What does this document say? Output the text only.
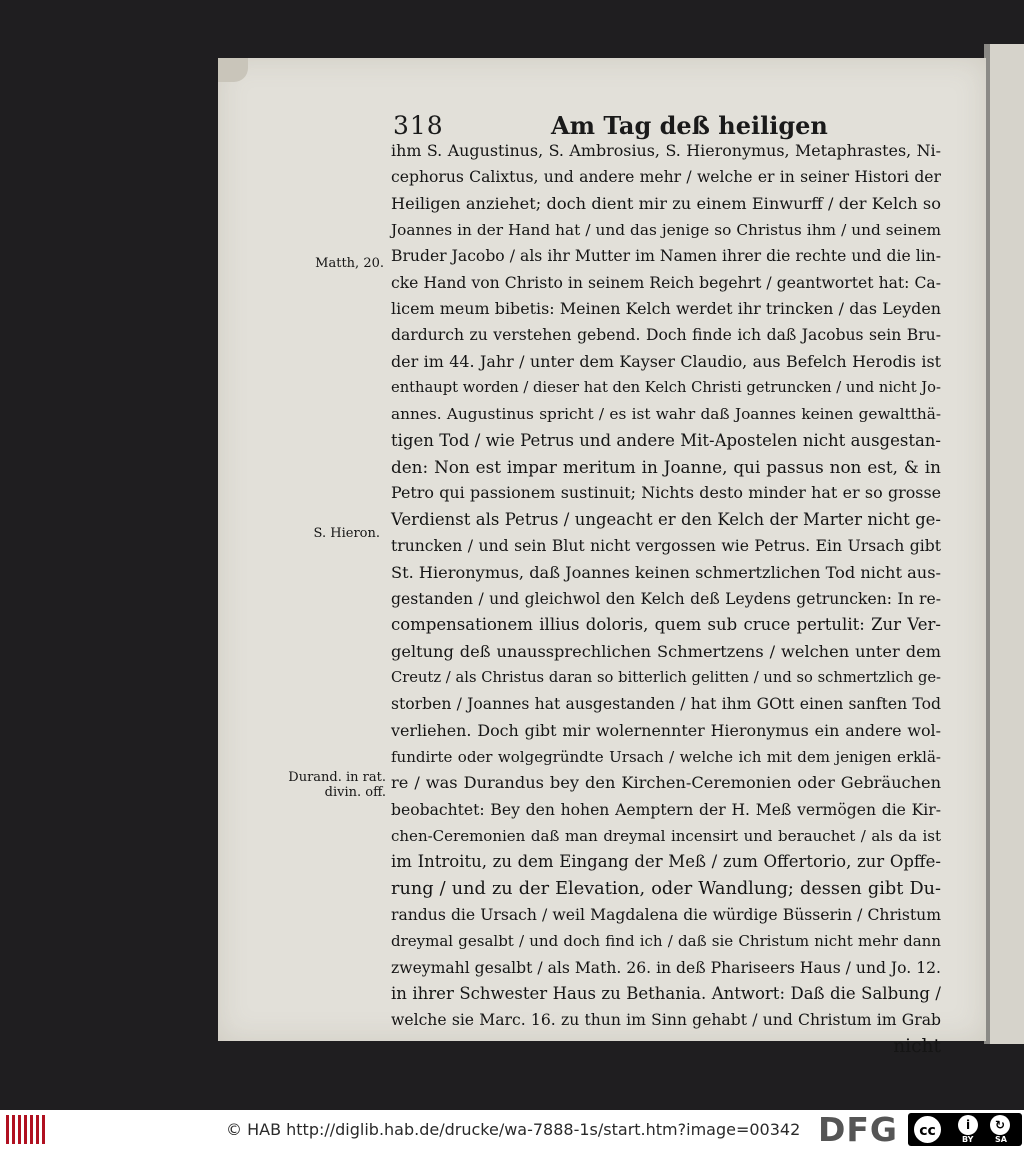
318	Am Tag deß heiligen
ihm S. Augustinus, S. Ambrosius, S. Hieronymus, Metaphrastes, Ni-
cephorus Calixtus, und andere mehr / welche er in seiner Histori der
Heiligen anziehet; doch dient mir zu einem Einwurff / der Kelch so
Joannes in der Hand hat / und das jenige so Christus ihm / und seinem
Bruder Jacobo / als ihr Mutter im Namen ihrer die rechte und die lin-
cke Hand von Christo in seinem Reich begehrt / geantwortet hat: Ca-
licem meum bibetis: Meinen Kelch werdet ihr trincken / das Leyden
dardurch zu verstehen gebend. Doch finde ich daß Jacobus sein Bru-
der im 44. Jahr / unter dem Kayser Claudio, aus Befelch Herodis ist
enthaupt worden / dieser hat den Kelch Christi getruncken / und nicht Jo-
annes. Augustinus spricht / es ist wahr daß Joannes keinen gewaltthä-
tigen Tod / wie Petrus und andere Mit-Apostelen nicht ausgestan-
den: Non est impar meritum in Joanne, qui passus non est, & in
Petro qui passionem sustinuit; Nichts desto minder hat er so grosse
Verdienst als Petrus / ungeacht er den Kelch der Marter nicht ge-
truncken / und sein Blut nicht vergossen wie Petrus. Ein Ursach gibt
St. Hieronymus, daß Joannes keinen schmertzlichen Tod nicht aus-
gestanden / und gleichwol den Kelch deß Leydens getruncken: In re-
compensationem illius doloris, quem sub cruce pertulit: Zur Ver-
geltung deß unaussprechlichen Schmertzens / welchen unter dem
Creutz / als Christus daran so bitterlich gelitten / und so schmertzlich ge-
storben / Joannes hat ausgestanden / hat ihm GOtt einen sanften Tod
verliehen. Doch gibt mir wolernennter Hieronymus ein andere wol-
fundirte oder wolgegründte Ursach / welche ich mit dem jenigen erklä-
re / was Durandus bey den Kirchen-Ceremonien oder Gebräuchen
beobachtet: Bey den hohen Aemptern der H. Meß vermögen die Kir-
chen-Ceremonien daß man dreymal incensirt und berauchet / als da ist
im Introitu, zu dem Eingang der Meß / zum Offertorio, zur Opffe-
rung / und zu der Elevation, oder Wandlung; dessen gibt Du-
randus die Ursach / weil Magdalena die würdige Büsserin / Christum
dreymal gesalbt / und doch find ich / daß sie Christum nicht mehr dann
zweymahl gesalbt / als Math. 26. in deß Phariseers Haus / und Jo. 12.
in ihrer Schwester Haus zu Bethania. Antwort: Daß die Salbung /
welche sie Marc. 16. zu thun im Sinn gehabt / und Christum im Grab
nicht
Matth, 20.
S. Hieron.
Durand. in rat. divin. off.
© HAB http://diglib.hab.de/drucke/wa-7888-1s/start.htm?image=00342 DFG	cc	i	↻
BY	SA
